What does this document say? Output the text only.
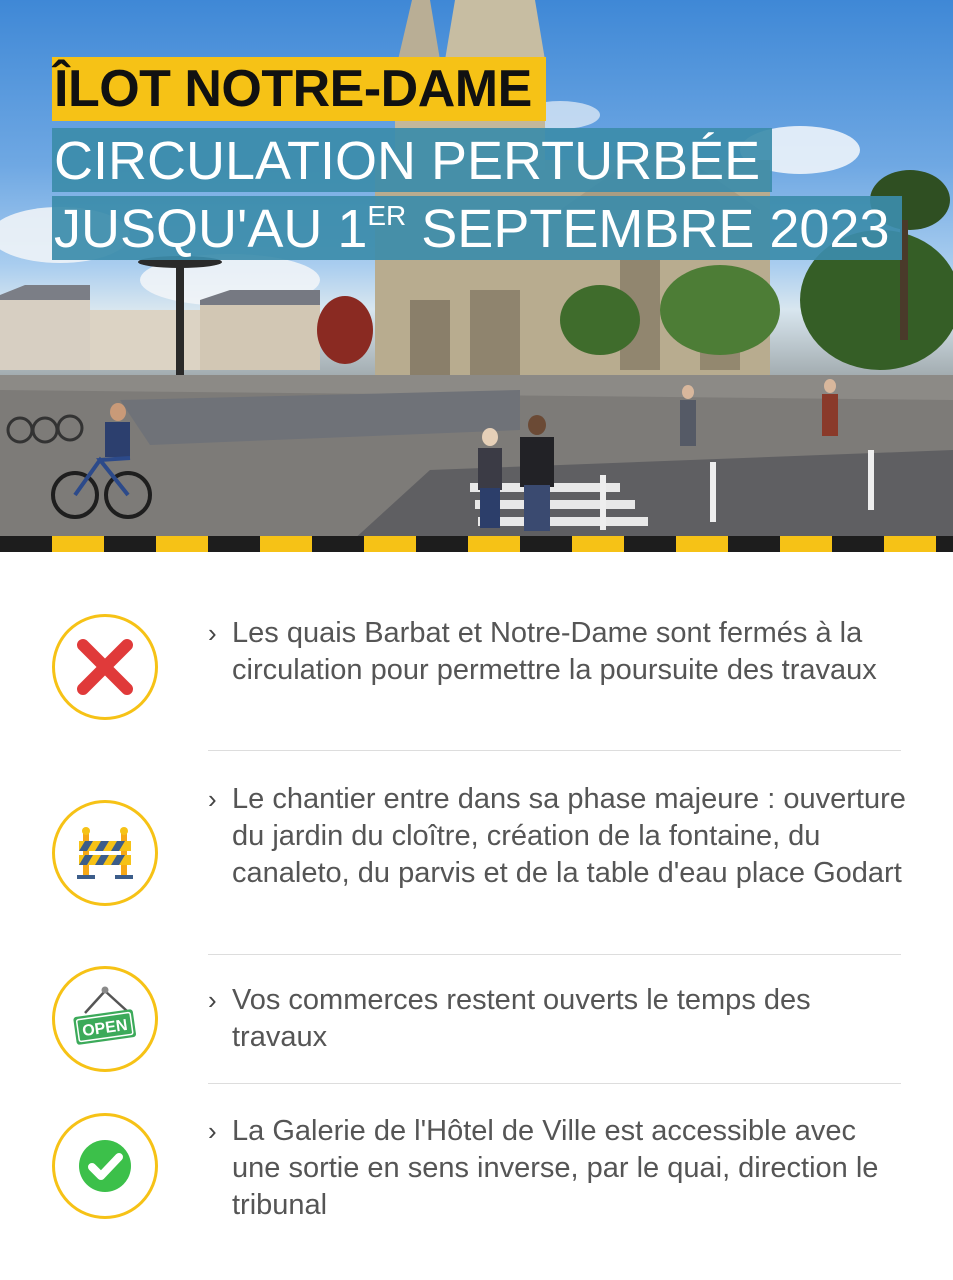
ÎLOT NOTRE-DAME
CIRCULATION PERTURBÉE
JUSQU'AU 1ER SEPTEMBRE 2023
› Les quais Barbat et Notre-Dame sont fermés à la circulation pour permettre la poursuite des travaux
› Le chantier entre dans sa phase majeure : ouverture du jardin du cloître, création de la fontaine, du canaleto, du parvis et de la table d'eau place Godart
OPEN
› Vos commerces restent ouverts le temps des travaux
› La Galerie de l'Hôtel de Ville est accessible avec une sortie en sens inverse, par le quai, direction le tribunal
